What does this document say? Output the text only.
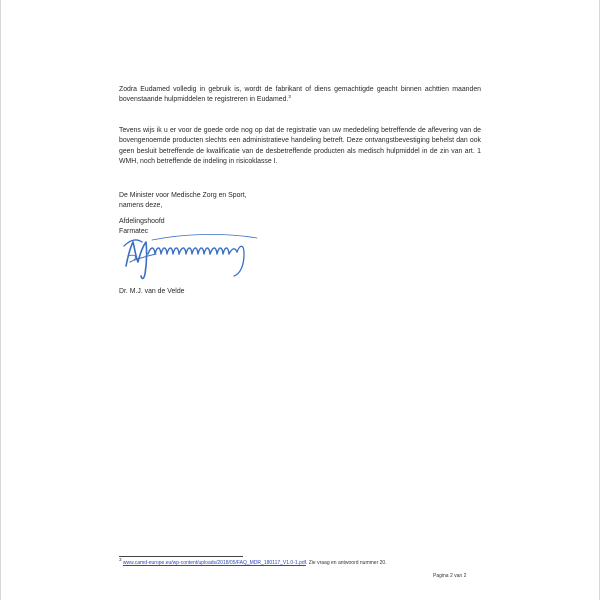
Zodra Eudamed volledig in gebruik is, wordt de fabrikant of diens gemachtigde geacht binnen achttien maanden bovenstaande hulpmiddelen te registreren in Eudamed.$^3$

Tevens wijs ik u er voor de goede orde nog op dat de registratie van uw mededeling betreffende de aflevering van de bovengenoemde producten slechts een administratieve handeling betreft. Deze ontvangstbevestiging behelst dan ook geen besluit betreffende de kwalificatie van de desbetreffende producten als medisch hulpmiddel in de zin van art. 1 WMH, noch betreffende de indeling in risicoklasse I.

De Minister voor Medische Zorg en Sport,
namens deze,
Afdelingshoofd
Farmatec
Dr. M.J. van de Velde
$^3$ www.camd-europe.eu/wp-content/uploads/2018/05/FAQ_MDR_180117_V1.0-1.pdf. Zie vraag en antwoord nummer 20.
Pagina 2 van 2
